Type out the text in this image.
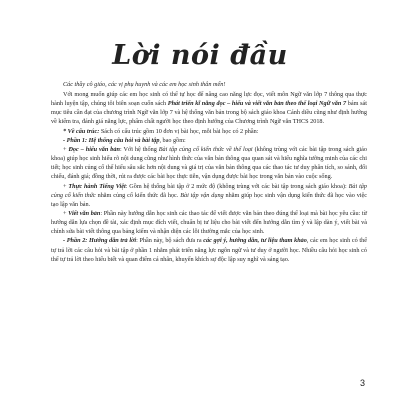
Lời nói đầu

Các thầy cô giáo, các vị phụ huynh và các em học sinh thân mến!

Với mong muốn giúp các em học sinh có thể tự học để nâng cao năng lực đọc, viết môn Ngữ văn lớp 7 thông qua thực hành luyện tập, chúng tôi biên soạn cuốn sách Phát triển kĩ năng đọc – hiểu và viết văn bản theo thể loại Ngữ văn 7 bám sát mục tiêu cần đạt của chương trình Ngữ văn lớp 7 và hệ thống văn bản trong bộ sách giáo khoa Cánh diều cũng như định hướng về kiểm tra, đánh giá năng lực, phẩm chất người học theo định hướng của Chương trình Ngữ văn THCS 2018.

* Về cấu trúc: Sách có cấu trúc gồm 10 đơn vị bài học, mỗi bài học có 2 phần:

- Phần 1: Hệ thống câu hỏi và bài tập, bao gồm:

+ Đọc – hiểu văn bản: Với hệ thống Bài tập củng cố kiến thức về thể loại (không trùng với các bài tập trong sách giáo khoa) giúp học sinh hiểu rõ nội dung cũng như hình thức của văn bản thông qua quan sát và hiểu nghĩa tường minh của các chi tiết; học sinh củng cố thể hiểu sâu sắc hơn nội dung và giá trị của văn bản thông qua các thao tác tư duy phân tích, so sánh, đối chiếu, đánh giá; đồng thời, rút ra được các bài học thực tiễn, vận dụng được bài học trong văn bản vào cuộc sống.

+ Thực hành Tiếng Việt: Gồm hệ thống bài tập ở 2 mức độ (không trùng với các bài tập trong sách giáo khoa): Bài tập củng cố kiến thức nhằm củng cố kiến thức đã học. Bài tập vận dụng nhằm giúp học sinh vận dụng kiến thức đã học vào việc tạo lập văn bản.

+ Viết văn bản: Phần này hướng dẫn học sinh các thao tác để viết được văn bản theo đúng thể loại mà bài học yêu cầu: từ hướng dẫn lựa chọn đề tài, xác định mục đích viết, chuẩn bị tư liệu cho bài viết đến hướng dẫn tìm ý và lập dàn ý, viết bài và chỉnh sửa bài viết thông qua bảng kiểm và nhận diện các lỗi thường mắc của học sinh.

- Phần 2: Hướng dẫn trả lời: Phần này, bộ sách đưa ra các gợi ý, hướng dẫn, tư liệu tham khảo, các em học sinh có thể tự trả lời các câu hỏi và bài tập ở phần 1 nhằm phát triển năng lực ngôn ngữ và tư duy ở người học. Nhiều câu hỏi học sinh có thể tự trả lời theo hiểu biết và quan điểm cá nhân, khuyến khích sự độc lập suy nghĩ và sáng tạo.

3
